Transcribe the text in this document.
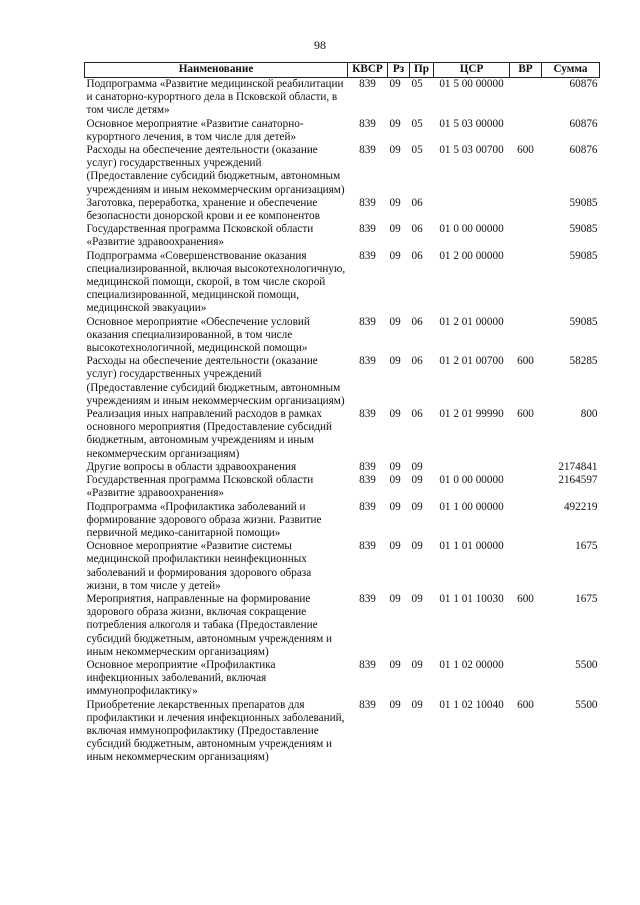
98
Наименование	КВСР	Рз	Пр	ЦСР	ВР	Сумма
Подпрограмма «Развитие медицинской реабилитации и санаторно-курортного дела в Псковской области, в том числе детям»	839	09	05	01 5 00 00000		60876
Основное мероприятие «Развитие санаторно-курортного лечения, в том числе для детей»	839	09	05	01 5 03 00000		60876
Расходы на обеспечение деятельности (оказание услуг) государственных учреждений (Предоставление субсидий бюджетным, автономным учреждениям и иным некоммерческим организациям)	839	09	05	01 5 03 00700	600	60876
Заготовка, переработка, хранение и обеспечение безопасности донорской крови и ее компонентов	839	09	06			59085
Государственная программа Псковской области «Развитие здравоохранения»	839	09	06	01 0 00 00000		59085
Подпрограмма «Совершенствование оказания специализированной, включая высокотехнологичную, медицинской помощи, скорой, в том числе скорой специализированной, медицинской помощи, медицинской эвакуации»	839	09	06	01 2 00 00000		59085
Основное мероприятие «Обеспечение условий оказания специализированной, в том числе высокотехнологичной, медицинской помощи»	839	09	06	01 2 01 00000		59085
Расходы на обеспечение деятельности (оказание услуг) государственных учреждений (Предоставление субсидий бюджетным, автономным учреждениям и иным некоммерческим организациям)	839	09	06	01 2 01 00700	600	58285
Реализация иных направлений расходов в рамках основного мероприятия (Предоставление субсидий бюджетным, автономным учреждениям и иным некоммерческим организациям)	839	09	06	01 2 01 99990	600	800
Другие вопросы в области здравоохранения	839	09	09			2174841
Государственная программа Псковской области «Развитие здравоохранения»	839	09	09	01 0 00 00000		2164597
Подпрограмма «Профилактика заболеваний и формирование здорового образа жизни. Развитие первичной медико-санитарной помощи»	839	09	09	01 1 00 00000		492219
Основное мероприятие «Развитие системы медицинской профилактики неинфекционных заболеваний и формирования здорового образа жизни, в том числе у детей»	839	09	09	01 1 01 00000		1675
Мероприятия, направленные на формирование здорового образа жизни, включая сокращение потребления алкоголя и табака (Предоставление субсидий бюджетным, автономным учреждениям и иным некоммерческим организациям)	839	09	09	01 1 01 10030	600	1675
Основное мероприятие «Профилактика инфекционных заболеваний, включая иммунопрофилактику»	839	09	09	01 1 02 00000		5500
Приобретение лекарственных препаратов для профилактики и лечения инфекционных заболеваний, включая иммунопрофилактику (Предоставление субсидий бюджетным, автономным учреждениям и иным некоммерческим организациям)	839	09	09	01 1 02 10040	600	5500
